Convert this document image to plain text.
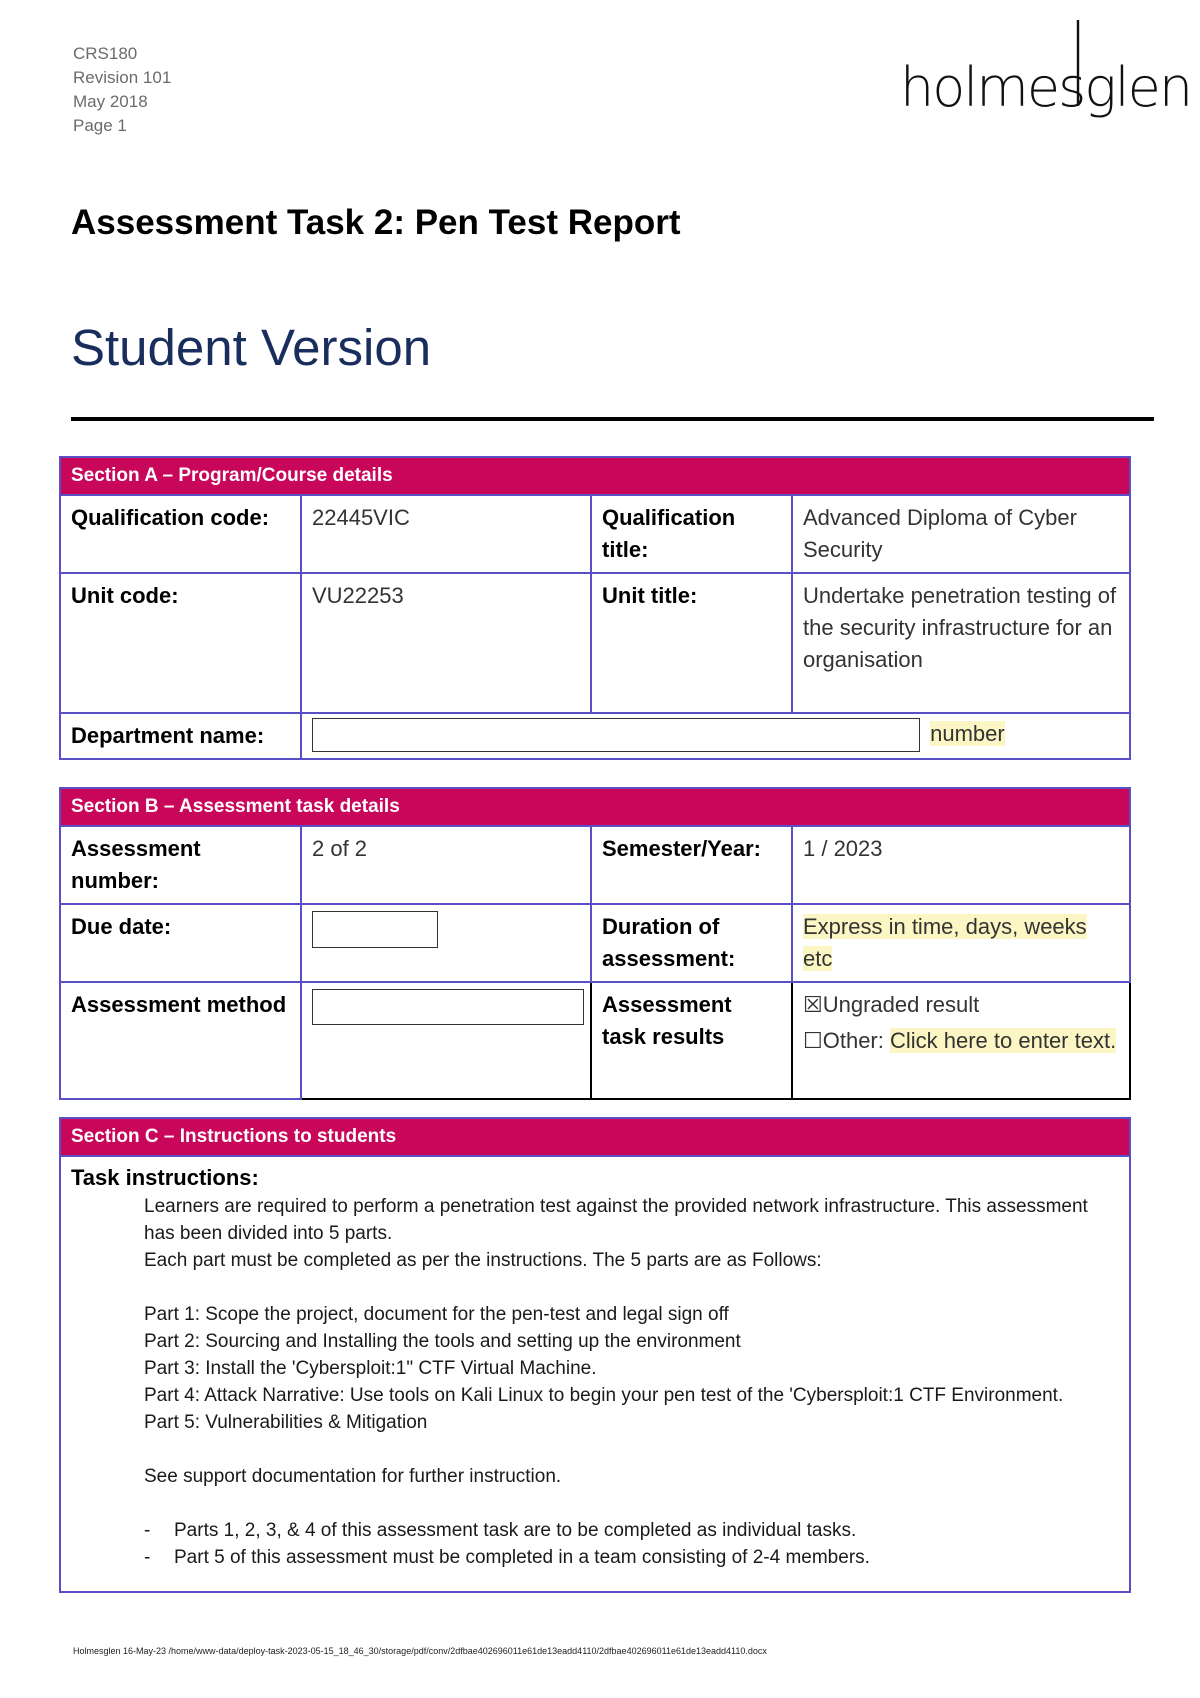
CRS180
Revision 101
May 2018
Page 1
holmesglen
Assessment Task 2: Pen Test Report
Student Version
Section A – Program/Course details			
Qualification code:	22445VIC	Qualification title:	Advanced Diploma of Cyber Security
Unit code:	VU22253	Unit title:	Undertake penetration testing of the security infrastructure for an organisation
Department name:	number		
Section B – Assessment task details			
Assessment number:	2 of 2	Semester/Year:	1 / 2023
Due date:		Duration of assessment:	Express in time, days, weeks etc
Assessment method		Assessment task results	☒Ungraded result
☐Other: Click here to enter text.
Section C – Instructions to students

Task instructions:

Learners are required to perform a penetration test against the provided network infrastructure. This assessment has been divided into 5 parts.

Each part must be completed as per the instructions. The 5 parts are as Follows:

Part 1: Scope the project, document for the pen-test and legal sign off

Part 2: Sourcing and Installing the tools and setting up the environment

Part 3: Install the 'Cybersploit:1" CTF Virtual Machine.

Part 4: Attack Narrative: Use tools on Kali Linux to begin your pen test of the 'Cybersploit:1 CTF Environment.

Part 5: Vulnerabilities & Mitigation

See support documentation for further instruction.

-	Parts 1, 2, 3, & 4 of this assessment task are to be completed as individual tasks.
-	Part 5 of this assessment must be completed in a team consisting of 2-4 members.
Holmesglen 16-May-23 /home/www-data/deploy-task-2023-05-15_18_46_30/storage/pdf/conv/2dfbae402696011e61de13eadd4110/2dfbae402696011e61de13eadd4110.docx
